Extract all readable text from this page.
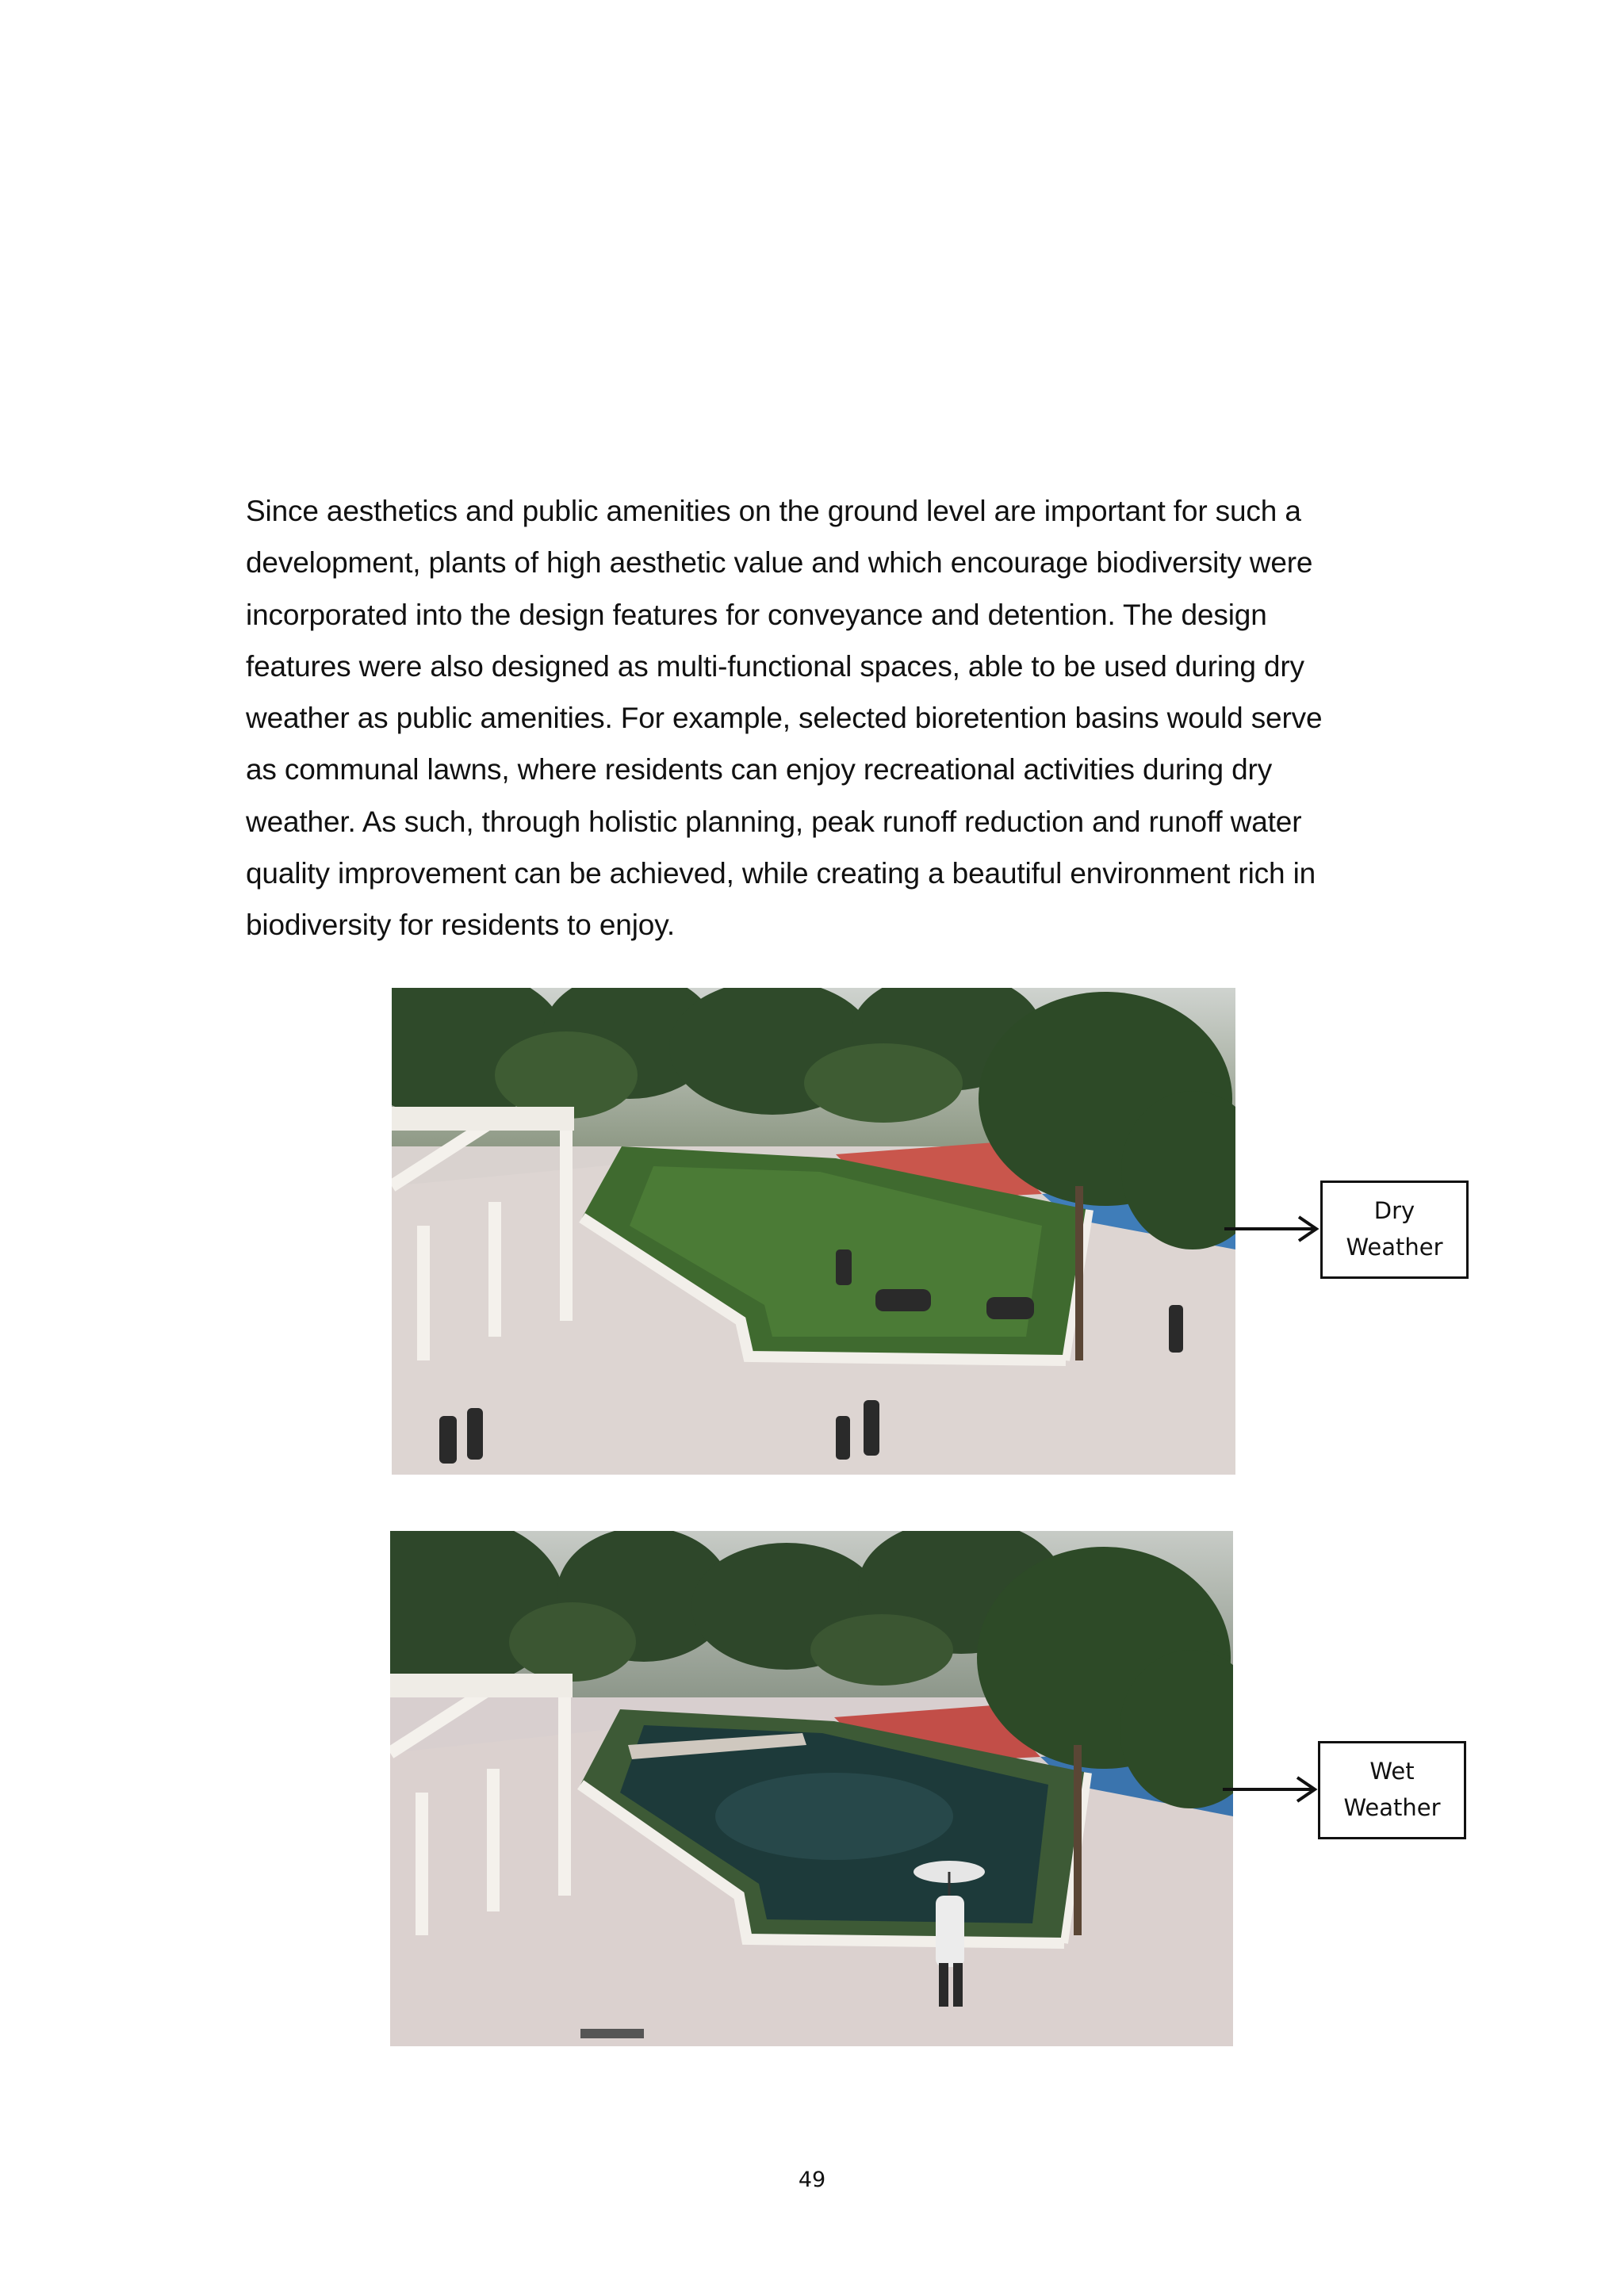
Since aesthetics and public amenities on the ground level are important for such a

development, plants of high aesthetic value and which encourage biodiversity were

incorporated into the design features for conveyance and detention. The design

features were also designed as multi-functional spaces, able to be used during dry

weather as public amenities. For example, selected bioretention basins would serve

as communal lawns, where residents can enjoy recreational activities during dry

weather. As such, through holistic planning, peak runoff reduction and runoff water

quality improvement can be achieved, while creating a beautiful environment rich in

biodiversity for residents to enjoy.

Dry
Weather
Wet
Weather
49
